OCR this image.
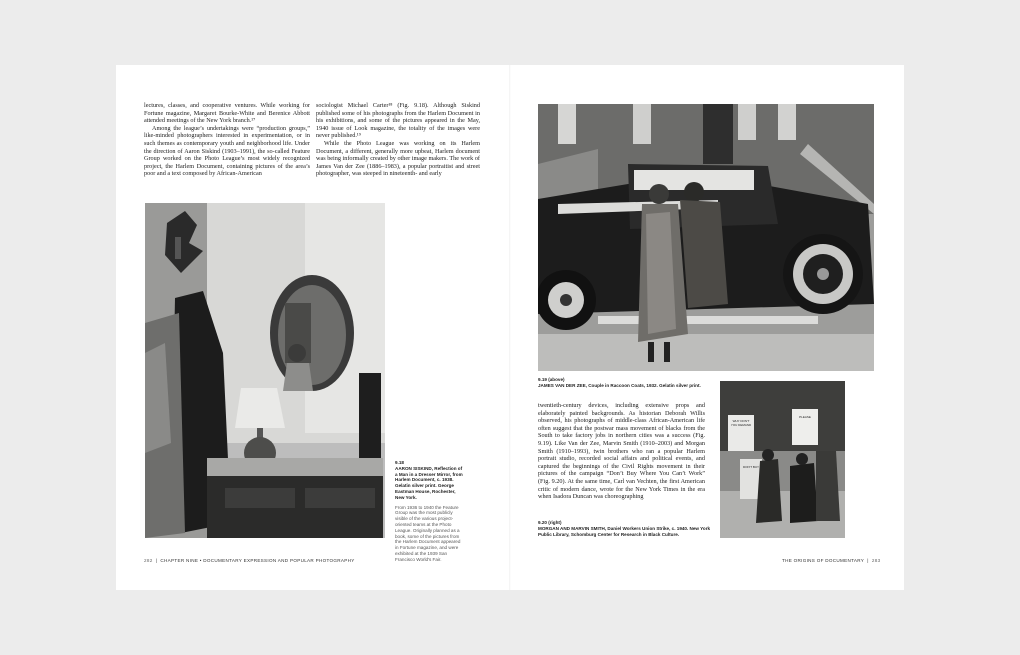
lectures, classes, and cooperative ventures. While working for Fortune magazine, Margaret Bourke-White and Berenice Abbott attended meetings of the New York branch.¹⁷

Among the league’s undertakings were “production groups,” like-minded photographers interested in experimentation, or in such themes as contemporary youth and neighborhood life. Under the direction of Aaron Siskind (1903–1991), the so-called Feature Group worked on the Photo League’s most widely recognized project, the Harlem Document, containing pictures of the area’s poor and a text composed by African-American

sociologist Michael Carter¹⁸ (Fig. 9.18). Although Siskind published some of his photographs from the Harlem Document in his exhibitions, and some of the pictures appeared in the May, 1940 issue of Look magazine, the totality of the images were never published.¹⁹

While the Photo League was working on its Harlem Document, a different, generally more upbeat, Harlem document was being informally created by other image makers. The work of James Van der Zee (1886–1983), a popular portraitist and street photographer, was steeped in nineteenth- and early

9.18
AARON SISKIND, Reflection of a Man in a Dresser Mirror, from Harlem Document, c. 1938. Gelatin silver print. George Eastman House, Rochester, New York.
From 1936 to 1940 the Feature Group was the most publicly visible of the various project-oriented teams at the Photo League. Originally planned as a book, some of the pictures from the Harlem Document appeared in Fortune magazine, and were exhibited at the 1939 San Francisco World's Fair.
282  |  CHAPTER NINE • DOCUMENTARY EXPRESSION AND POPULAR PHOTOGRAPHY
9.19 (above)
JAMES VAN DER ZEE, Couple in Raccoon Coats, 1932. Gelatin silver print.

twentieth-century devices, including extensive props and elaborately painted backgrounds. As historian Deborah Willis observed, his photographs of middle-class African-American life often suggest that the postwar mass movement of blacks from the South to take factory jobs in northern cities was a success (Fig. 9.19). Like Van der Zee, Marvin Smith (1910–2003) and Morgan Smith (1910–1993), twin brothers who ran a popular Harlem portrait studio, recorded social affairs and political events, and captured the beginnings of the Civil Rights movement in their pictures of the campaign “Don’t Buy Where You Can’t Work” (Fig. 9.20). At the same time, Carl van Vechten, the first American critic of modern dance, wrote for the New York Times in the era when Isadora Duncan was choreographing

WHY DON'T YOU DEMAND
PLEASE
DON'T BUY
9.20 (right)
MORGAN AND MARVIN SMITH, Daniel Workers Union Strike, c. 1940. New York Public Library, Schomburg Center for Research in Black Culture.
THE ORIGINS OF DOCUMENTARY  |  283
